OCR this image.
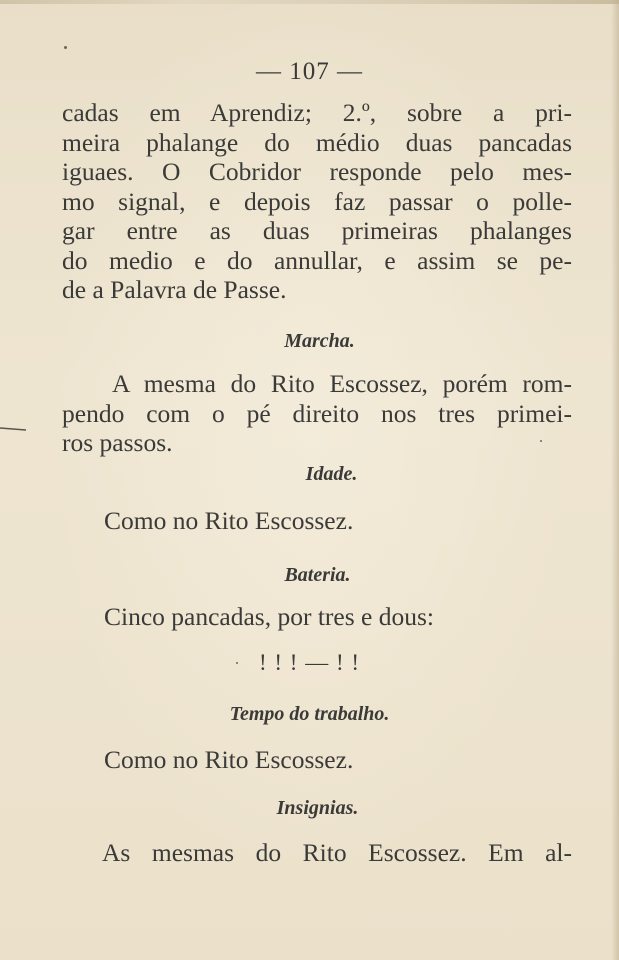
— 107 —

cadas em Aprendiz; 2.º, sobre a pri-
meira phalange do médio duas pancadas
iguaes. O Cobridor responde pelo mes-
mo signal, e depois faz passar o polle-
gar entre as duas primeiras phalanges
do medio e do annullar, e assim se pe-
de a Palavra de Passe.

Marcha.

A mesma do Rito Escossez, porém rom-
pendo com o pé direito nos tres primei-
ros passos.

Idade.

Como no Rito Escossez.

Bateria.

Cinco pancadas, por tres e dous:

! ! ! — ! !

Tempo do trabalho.

Como no Rito Escossez.

Insignias.

As mesmas do Rito Escossez. Em al-
